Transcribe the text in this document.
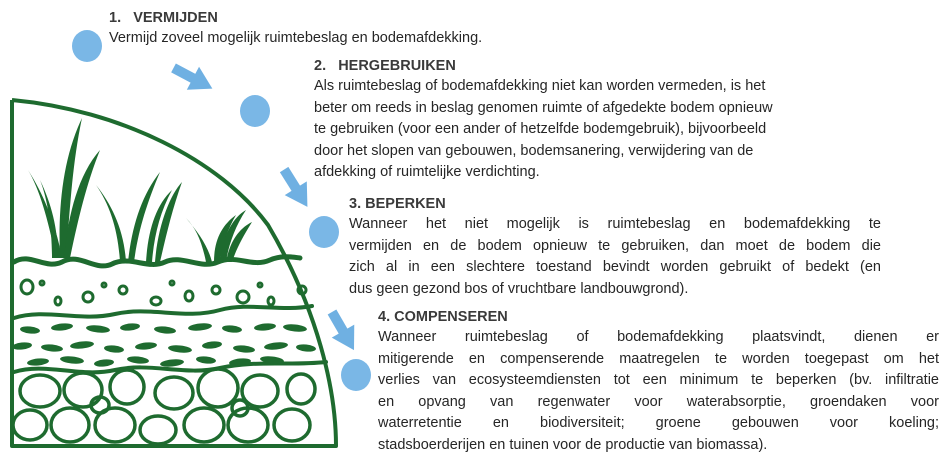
1. VERMIJDEN
Vermijd zoveel mogelijk ruimtebeslag en bodemafdekking.
2. HERGEBRUIKEN
Als ruimtebeslag of bodemafdekking niet kan worden vermeden, is het
beter om reeds in beslag genomen ruimte of afgedekte bodem opnieuw
te gebruiken (voor een ander of hetzelfde bodemgebruik), bijvoorbeeld
door het slopen van gebouwen, bodemsanering, verwijdering van de
afdekking of ruimtelijke verdichting.
3. BEPERKEN
Wanneer het niet mogelijk is ruimtebeslag en bodemafdekking te
vermijden en de bodem opnieuw te gebruiken, dan moet de bodem die
zich al in een slechtere toestand bevindt worden gebruikt of bedekt (en
dus geen gezond bos of vruchtbare landbouwgrond).
4. COMPENSEREN
Wanneer ruimtebeslag of bodemafdekking plaatsvindt, dienen er
mitigerende en compenserende maatregelen te worden toegepast om het
verlies van ecosysteemdiensten tot een minimum te beperken (bv. infiltratie
en opvang van regenwater voor waterabsorptie, groendaken voor
waterretentie en biodiversiteit; groene gebouwen voor koeling;
stadsboerderijen en tuinen voor de productie van biomassa).
